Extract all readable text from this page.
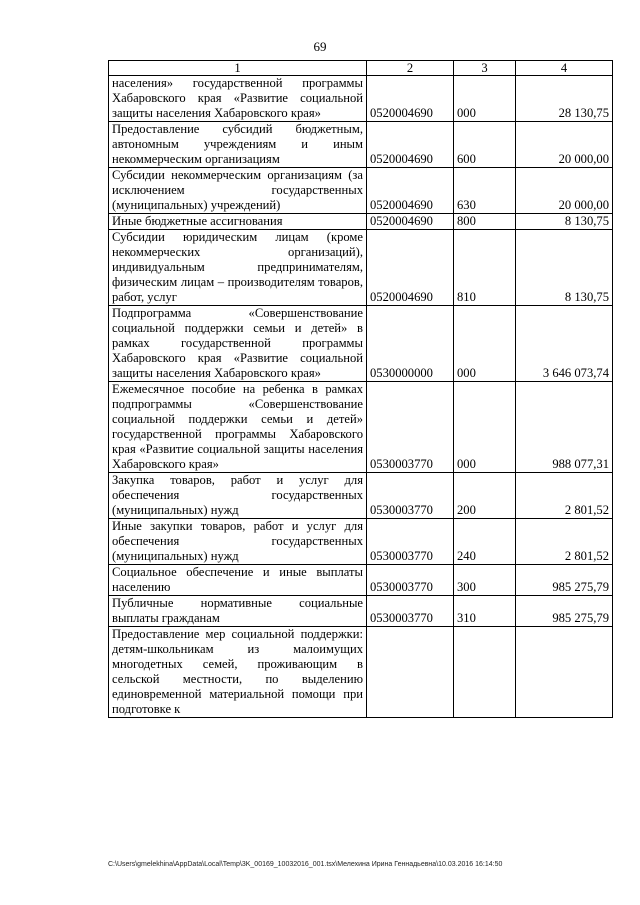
69
1	2	3	4
населения» государственной программы Хабаровского края «Развитие социальной защиты населения Хабаровского края»	0520004690	000	28 130,75
Предоставление субсидий бюджетным, автономным учреждениям и иным некоммерческим организациям	0520004690	600	20 000,00
Субсидии некоммерческим организациям (за исключением государственных (муниципальных) учреждений)	0520004690	630	20 000,00
Иные бюджетные ассигнования	0520004690	800	8 130,75
Субсидии юридическим лицам (кроме некоммерческих организаций), индивидуальным предпринимателям, физическим лицам – производителям товаров, работ, услуг	0520004690	810	8 130,75
Подпрограмма «Совершенствование социальной поддержки семьи и детей» в рамках государственной программы Хабаровского края «Развитие социальной защиты населения Хабаровского края»	0530000000	000	3 646 073,74
Ежемесячное пособие на ребенка в рамках подпрограммы «Совершенствование социальной поддержки семьи и детей» государственной программы Хабаровского края «Развитие социальной защиты населения Хабаровского края»	0530003770	000	988 077,31
Закупка товаров, работ и услуг для обеспечения государственных (муниципальных) нужд	0530003770	200	2 801,52
Иные закупки товаров, работ и услуг для обеспечения государственных (муниципальных) нужд	0530003770	240	2 801,52
Социальное обеспечение и иные выплаты населению	0530003770	300	985 275,79
Публичные нормативные социальные выплаты гражданам	0530003770	310	985 275,79
Предоставление мер социальной поддержки: детям-школьникам из малоимущих многодетных семей, проживающим в сельской местности, по выделению единовременной материальной помощи при подготовке к			
C:\Users\gmelekhina\AppData\Local\Temp\3K_00169_10032016_001.tsx\Мелехина Ирина Геннадьевна\10.03.2016 16:14:50
